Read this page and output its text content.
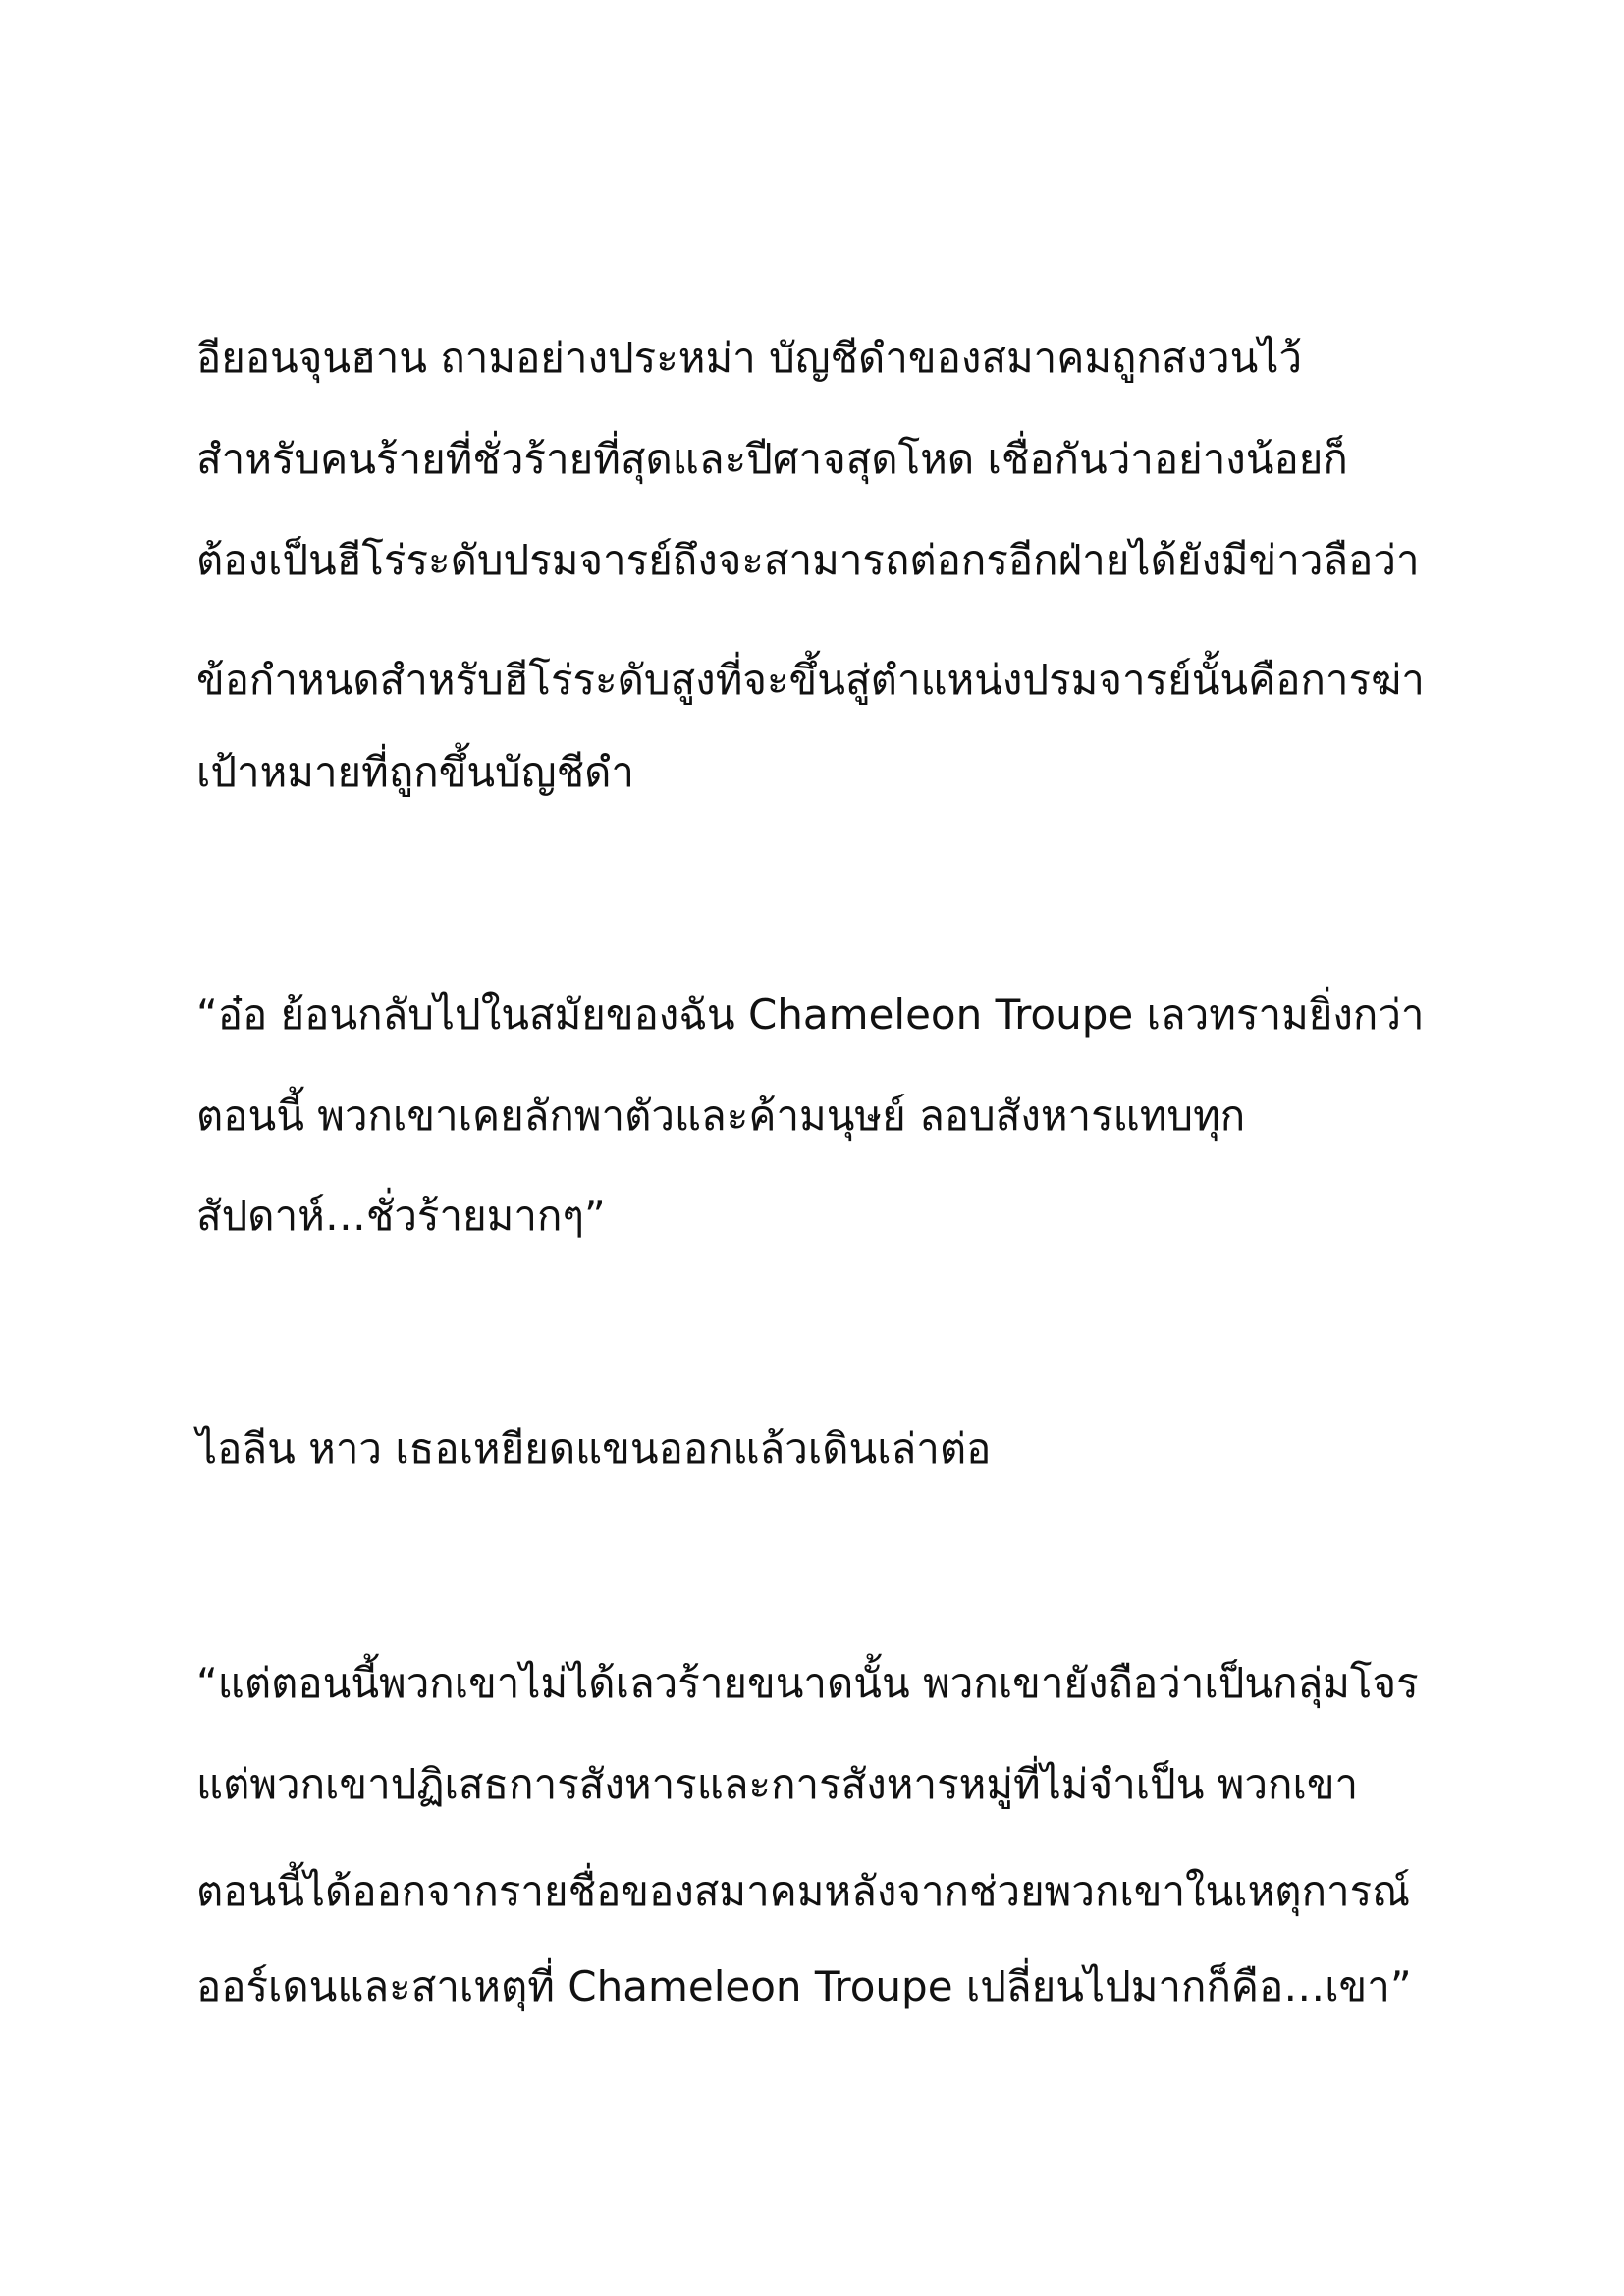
อียอนจุนฮาน ถามอย่างประหม่า บัญชีดำของสมาคมถูกสงวนไว้
สำหรับคนร้ายที่ชั่วร้ายที่สุดและปีศาจสุดโหด เชื่อกันว่าอย่างน้อยก็
ต้องเป็นฮีโร่ระดับปรมจารย์ถึงจะสามารถต่อกรอีกฝ่ายได้ยังมีข่าวลือว่า
ข้อกำหนดสำหรับฮีโร่ระดับสูงที่จะขึ้นสู่ตำแหน่งปรมจารย์นั้นคือการฆ่า
เป้าหมายที่ถูกขึ้นบัญชีดำ
“อ๋อ ย้อนกลับไปในสมัยของฉัน Chameleon Troupe เลวทรามยิ่งกว่า
ตอนนี้ พวกเขาเคยลักพาตัวและค้ามนุษย์ ลอบสังหารแทบทุก
สัปดาห์…ชั่วร้ายมากๆ”
ไอลีน หาว เธอเหยียดแขนออกแล้วเดินเล่าต่อ
“แต่ตอนนี้พวกเขาไม่ได้เลวร้ายขนาดนั้น พวกเขายังถือว่าเป็นกลุ่มโจร
แต่พวกเขาปฏิเสธการสังหารและการสังหารหมู่ที่ไม่จำเป็น พวกเขา
ตอนนี้ได้ออกจากรายชื่อของสมาคมหลังจากช่วยพวกเขาในเหตุการณ์
ออร์เดนและสาเหตุที่ Chameleon Troupe เปลี่ยนไปมากก็คือ…เขา”
